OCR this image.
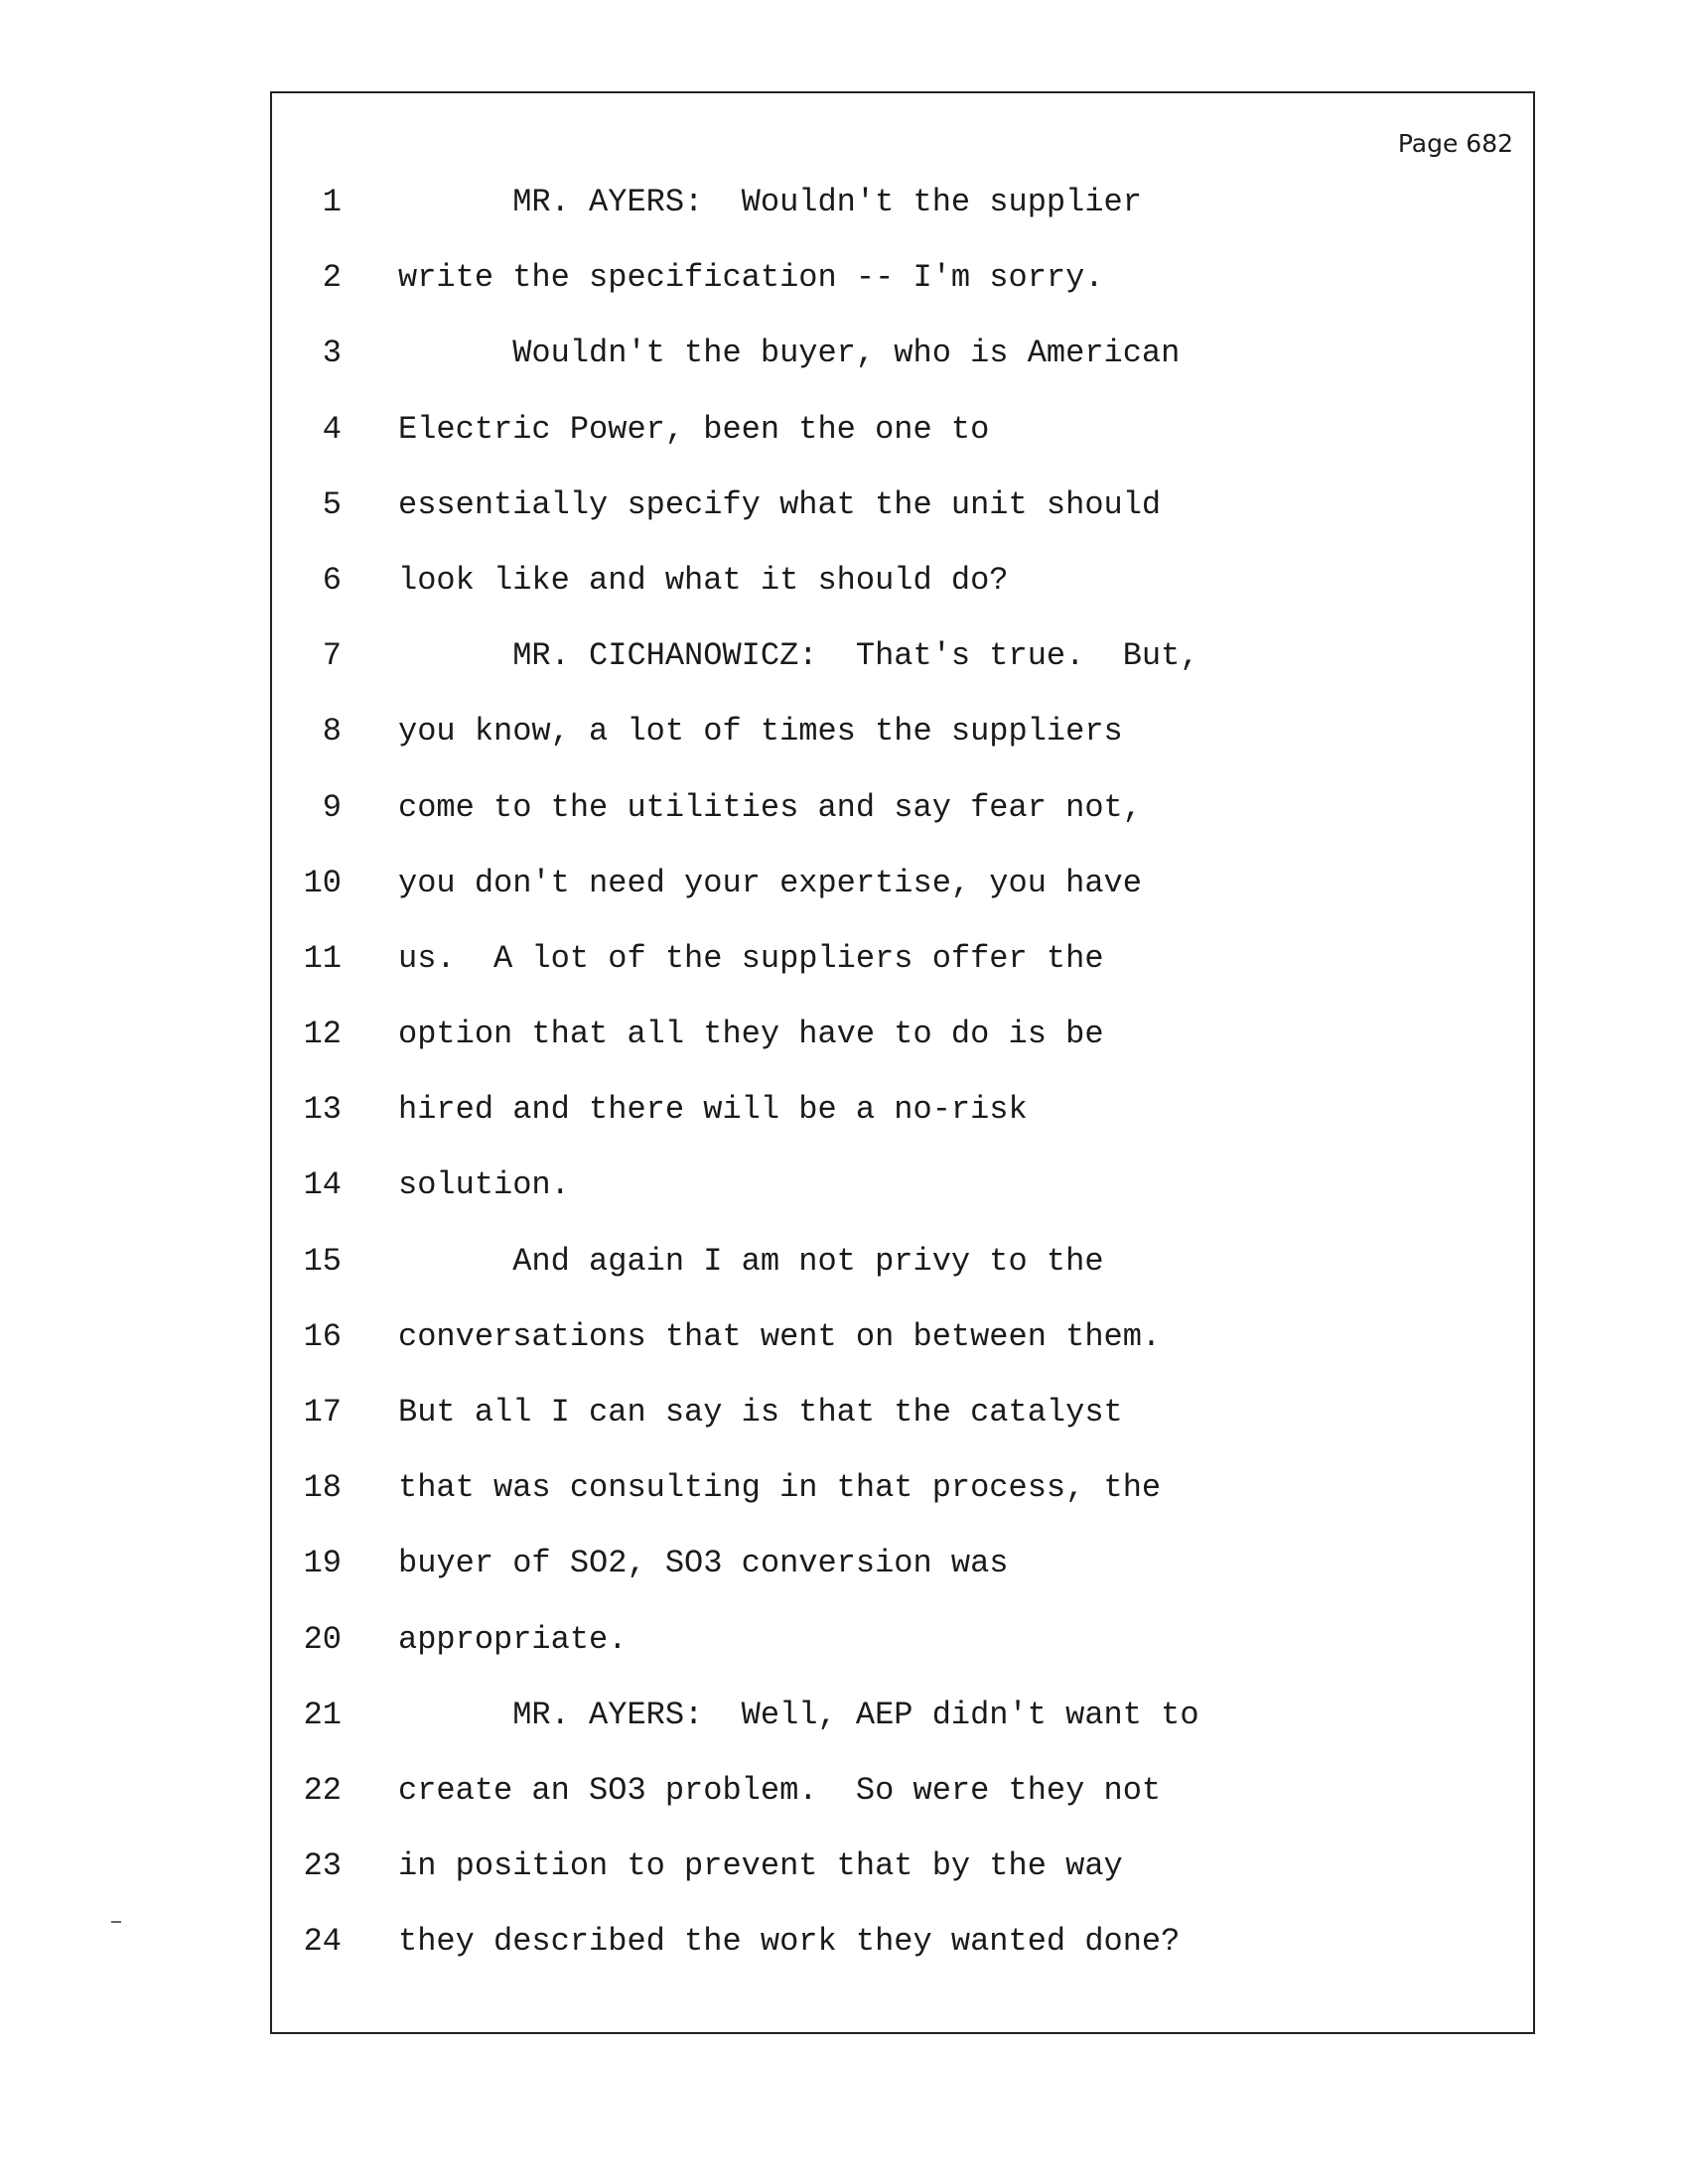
Page 682
1 MR. AYERS:  Wouldn't the supplier
2 write the specification -- I'm sorry.
3 Wouldn't the buyer, who is American
4 Electric Power, been the one to
5 essentially specify what the unit should
6 look like and what it should do?
7 MR. CICHANOWICZ:  That's true.  But,
8 you know, a lot of times the suppliers
9 come to the utilities and say fear not,
10 you don't need your expertise, you have
11 us.  A lot of the suppliers offer the
12 option that all they have to do is be
13 hired and there will be a no-risk
14 solution.
15 And again I am not privy to the
16 conversations that went on between them.
17 But all I can say is that the catalyst
18 that was consulting in that process, the
19 buyer of SO2, SO3 conversion was
20 appropriate.
21 MR. AYERS:  Well, AEP didn't want to
22 create an SO3 problem.  So were they not
23 in position to prevent that by the way
24 they described the work they wanted done?
